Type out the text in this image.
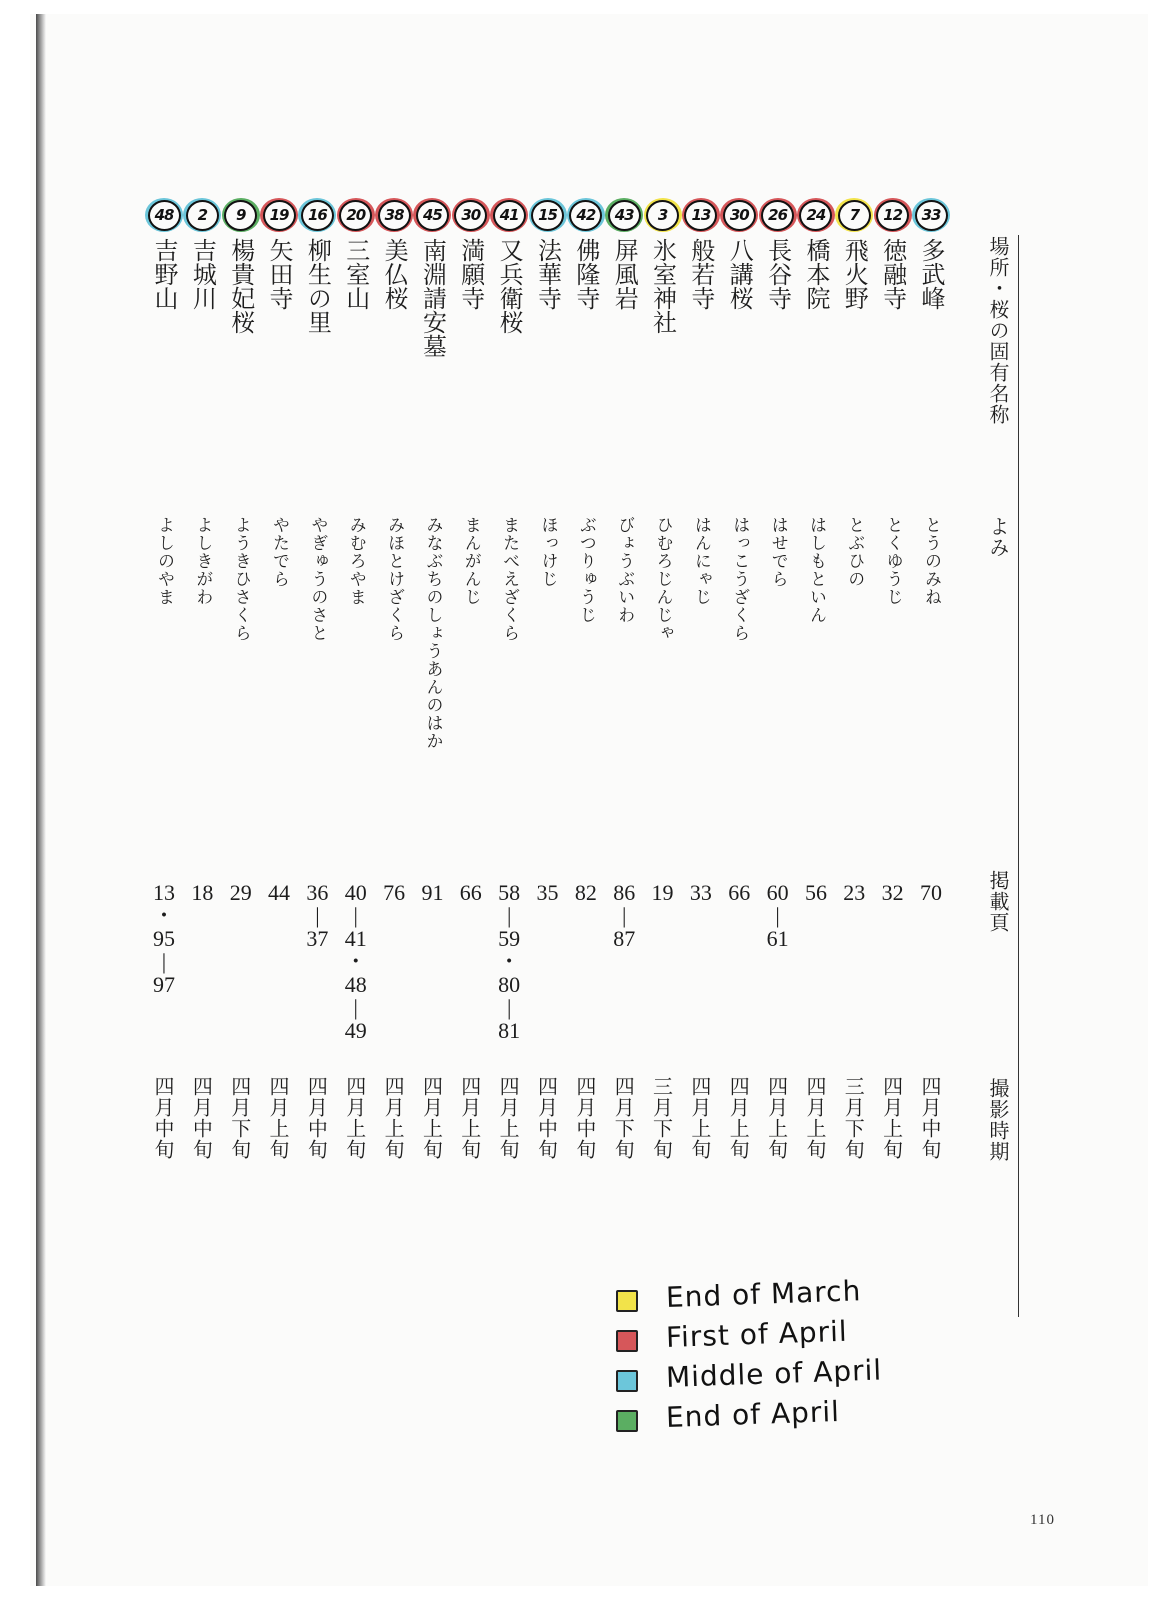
場所・桜の固有名称
よみ
掲載頁
撮影時期
33
多武峰
とうのみね
70
四月中旬
12
徳融寺
とくゆうじ
32
四月上旬
7
飛火野
とぶひの
23
三月下旬
24
橋本院
はしもといん
56
四月上旬
26
長谷寺
はせでら
60
|
61
四月上旬
30
八講桜
はっこうざくら
66
四月上旬
13
般若寺
はんにゃじ
33
四月上旬
3
氷室神社
ひむろじんじゃ
19
三月下旬
43
屏風岩
びょうぶいわ
86
|
87
四月下旬
42
佛隆寺
ぶつりゅうじ
82
四月中旬
15
法華寺
ほっけじ
35
四月中旬
41
又兵衛桜
またべえざくら
58
|
59
・
80
|
81
四月上旬
30
満願寺
まんがんじ
66
四月上旬
45
南淵請安墓
みなぶちのしょうあんのはか
91
四月上旬
38
美仏桜
みほとけざくら
76
四月上旬
20
三室山
みむろやま
40
|
41
・
48
|
49
四月上旬
16
柳生の里
やぎゅうのさと
36
|
37
四月中旬
19
矢田寺
やたでら
44
四月上旬
9
楊貴妃桜
ようきひさくら
29
四月下旬
2
吉城川
よしきがわ
18
四月中旬
48
吉野山
よしのやま
13
・
95
|
97
四月中旬
End of March
First of April
Middle of April
End of April
110
